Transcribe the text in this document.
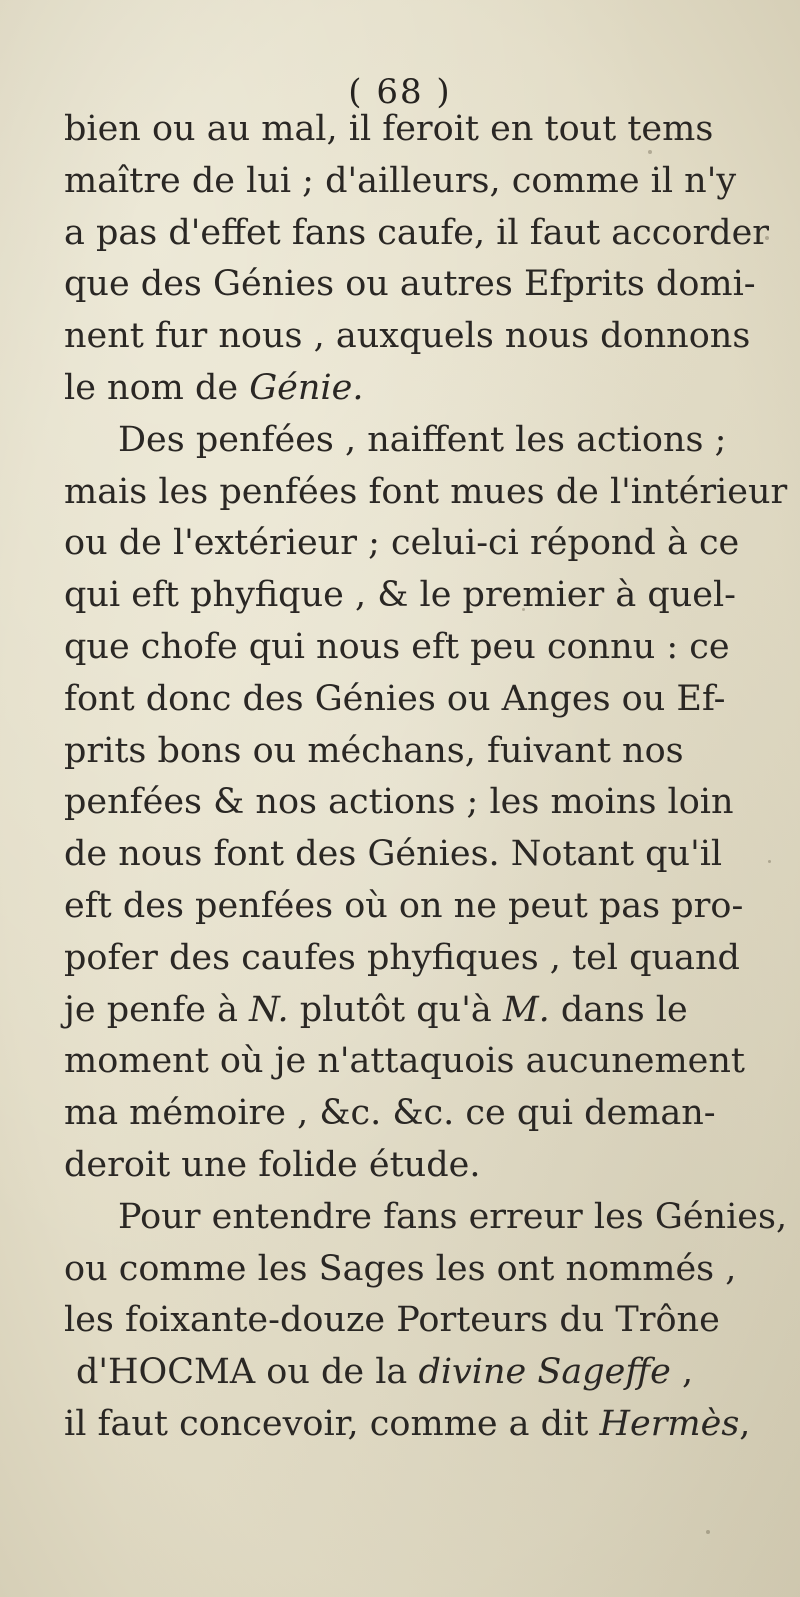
( 68 )
bien ou au mal, il feroit en tout tems
maître de lui ; d'ailleurs, comme il n'y
a pas d'effet fans caufe, il faut accorder
que des Génies ou autres Efprits domi-
nent fur nous , auxquels nous donnons
le nom de Génie.
Des penfées , naiffent les actions ;
mais les penfées font mues de l'intérieur
ou de l'extérieur ; celui-ci répond à ce
qui eft phyfique , & le premier à quel-
que chofe qui nous eft peu connu : ce
font donc des Génies ou Anges ou Ef-
prits bons ou méchans, fuivant nos
penfées & nos actions ; les moins loin
de nous font des Génies. Notant qu'il
eft des penfées où on ne peut pas pro-
pofer des caufes phyfiques , tel quand
je penfe à N. plutôt qu'à M. dans le
moment où je n'attaquois aucunement
ma mémoire , &c. &c. ce qui deman-
deroit une folide étude.
Pour entendre fans erreur les Génies,
ou comme les Sages les ont nommés ,
les foixante-douze Porteurs du Trône
d'HOCMA ou de la divine Sageffe ,
il faut concevoir, comme a dit Hermès,
